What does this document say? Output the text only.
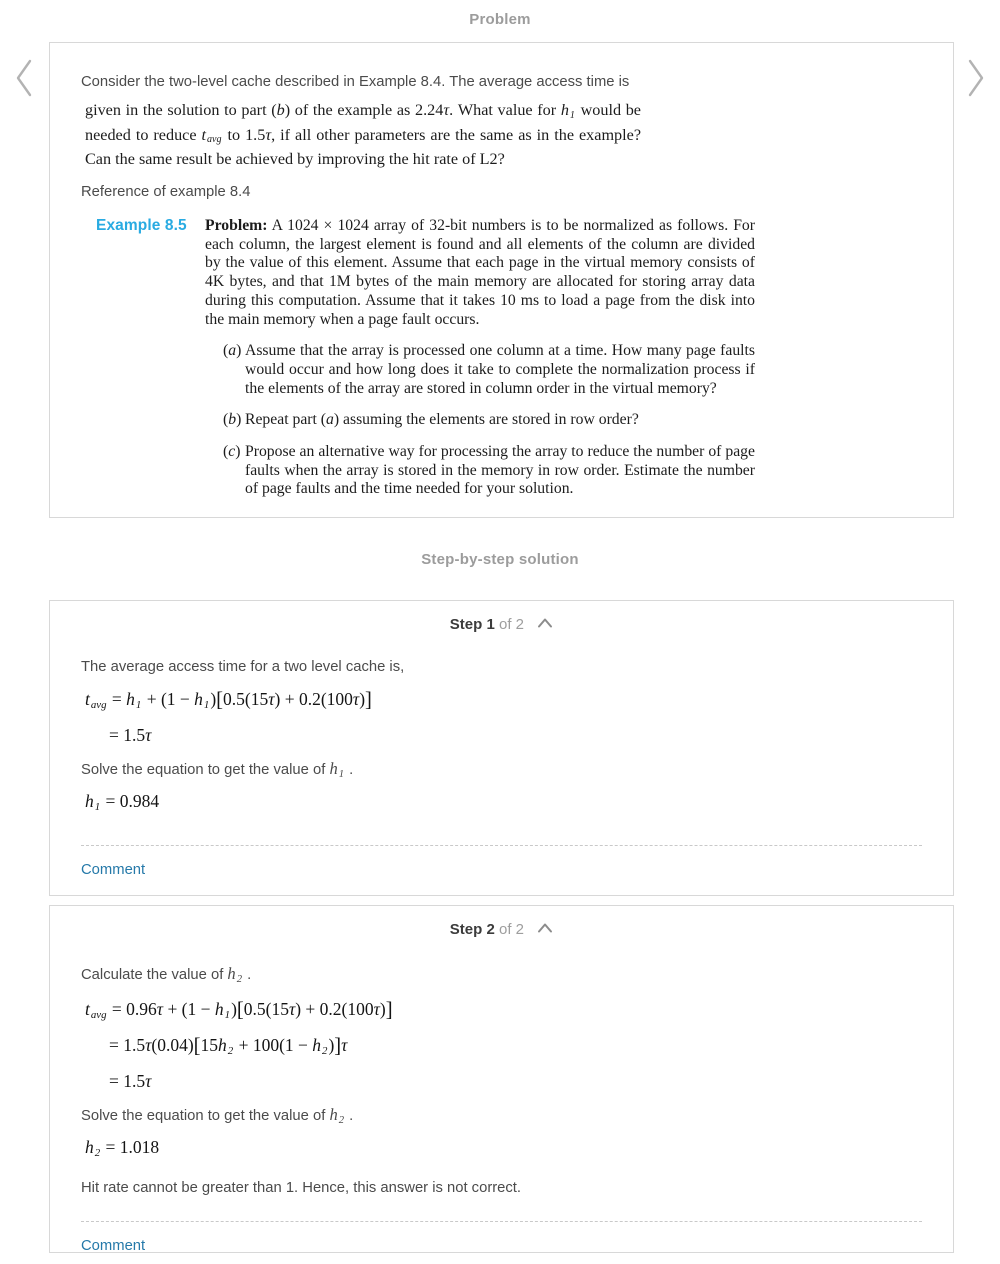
Problem
Consider the two-level cache described in Example 8.4. The average access time is
given in the solution to part (b) of the example as 2.24τ. What value for h1 would be needed to reduce tavg to 1.5τ, if all other parameters are the same as in the example? Can the same result be achieved by improving the hit rate of L2?
Reference of example 8.4
Example 8.5	Problem: A 1024 × 1024 array of 32-bit numbers is to be normalized as follows. For each column, the largest element is found and all elements of the column are divided by the value of this element. Assume that each page in the virtual memory consists of 4K bytes, and that 1M bytes of the main memory are allocated for storing array data during this computation. Assume that it takes 10 ms to load a page from the disk into the main memory when a page fault occurs.
(a) Assume that the array is processed one column at a time. How many page faults would occur and how long does it take to complete the normalization process if the elements of the array are stored in column order in the virtual memory?
(b) Repeat part (a) assuming the elements are stored in row order?
(c) Propose an alternative way for processing the array to reduce the number of page faults when the array is stored in the memory in row order. Estimate the number of page faults and the time needed for your solution.
Step-by-step solution
Step 1 of 2
The average access time for a two level cache is,
tavg = h1 + (1 − h1)[0.5(15τ) + 0.2(100τ)]
= 1.5τ
Solve the equation to get the value of $h_1$ .
h1 = 0.984
Comment
Step 2 of 2
Calculate the value of $h_2$ .
tavg = 0.96τ + (1 − h1)[0.5(15τ) + 0.2(100τ)]
= 1.5τ(0.04)[15h2 + 100(1 − h2)]τ
= 1.5τ
Solve the equation to get the value of $h_2$ .
h2 = 1.018
Hit rate cannot be greater than 1. Hence, this answer is not correct.
Comment
